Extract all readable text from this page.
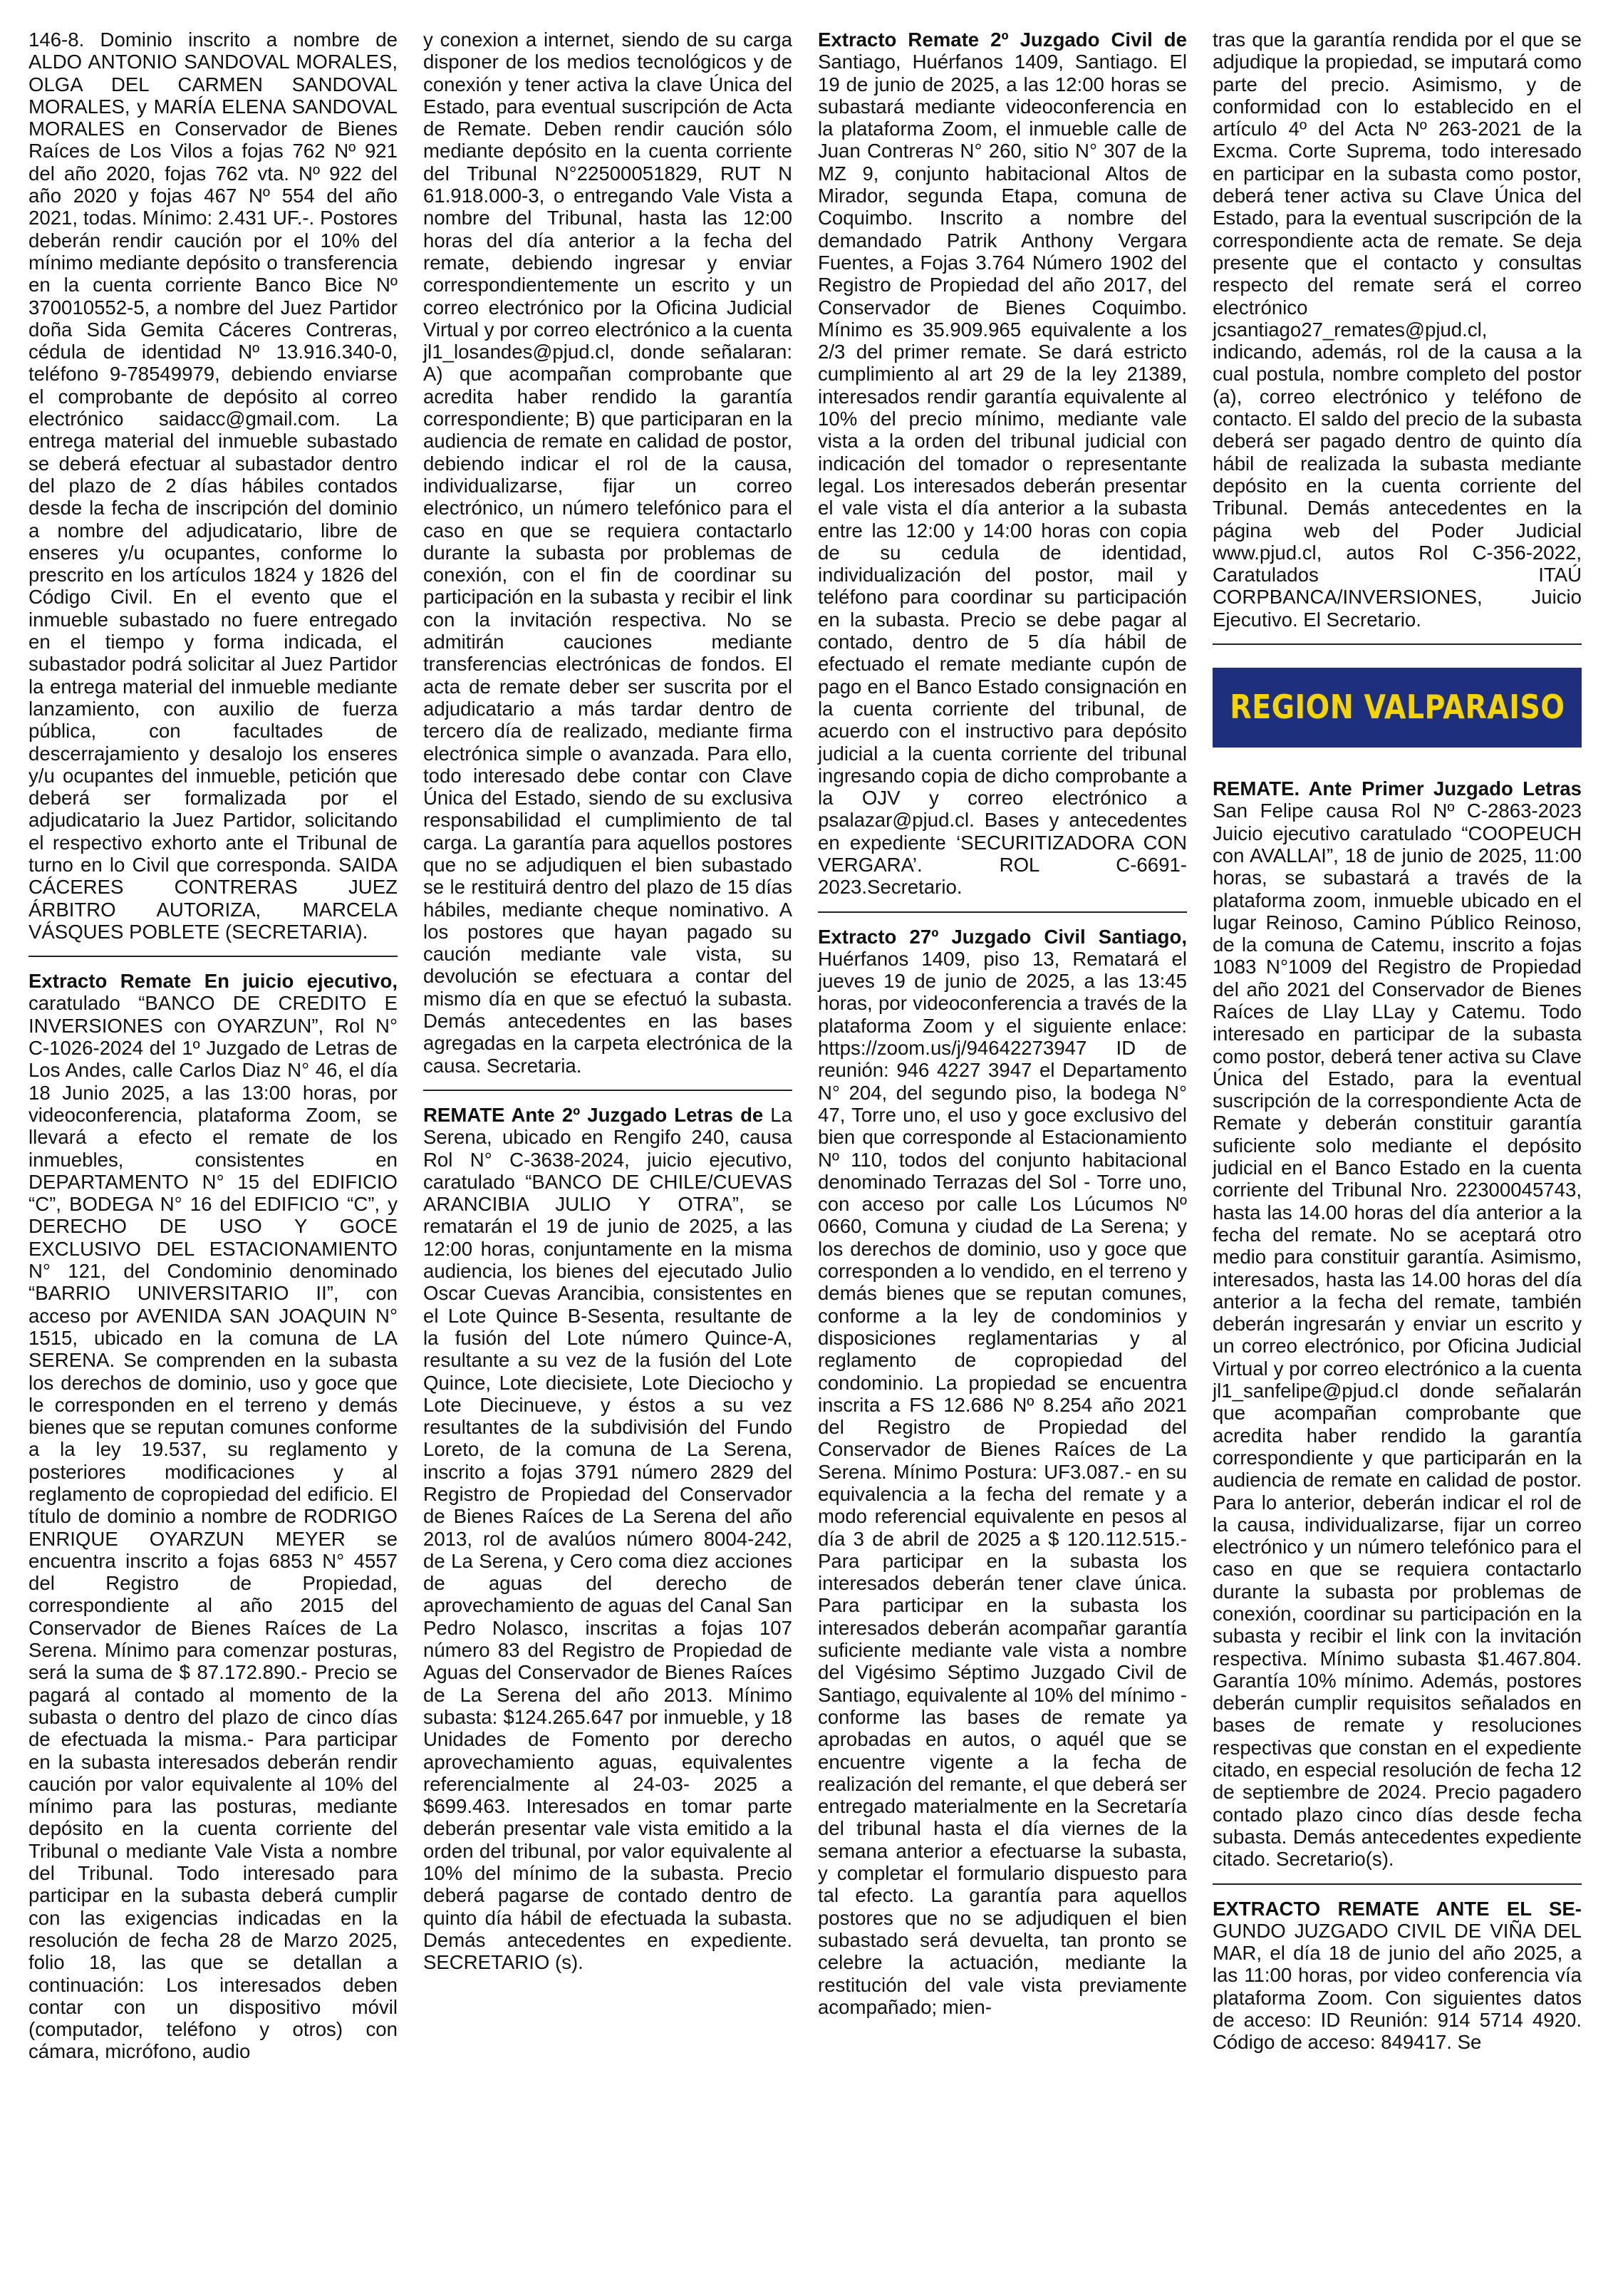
146-8. Dominio inscrito a nombre de ALDO ANTONIO SANDOVAL MORALES, OLGA DEL CARMEN SANDOVAL MORALES, y MARÍA ELENA SANDOVAL MORALES en Conservador de Bienes Raíces de Los Vilos a fojas 762 Nº 921 del año 2020, fojas 762 vta. Nº 922 del año 2020 y fojas 467 Nº 554 del año 2021, todas. Mínimo: 2.431 UF.-. Postores deberán rendir caución por el 10% del mínimo mediante depósito o transferencia en la cuenta corriente Banco Bice Nº 370010552-5, a nombre del Juez Partidor doña Sida Gemita Cáceres Contreras, cédula de identidad Nº 13.916.340-0, teléfono 9-78549979, debiendo enviarse el comprobante de depósito al correo electrónico saidacc@gmail.com. La entrega material del inmueble subastado se deberá efectuar al subastador dentro del plazo de 2 días hábiles contados desde la fecha de inscripción del dominio a nombre del adjudicatario, libre de enseres y/u ocupantes, conforme lo prescrito en los artículos 1824 y 1826 del Código Civil. En el evento que el inmueble subastado no fuere entregado en el tiempo y forma indicada, el subastador podrá solicitar al Juez Partidor la entrega material del inmueble mediante lanzamiento, con auxilio de fuerza pública, con facultades de descerrajamiento y desalojo los enseres y/u ocupantes del inmueble, petición que deberá ser formalizada por el adjudicatario la Juez Partidor, solicitando el respectivo exhorto ante el Tribunal de turno en lo Civil que corresponda. SAIDA CÁCERES CONTRERAS JUEZ ÁRBITRO AUTORIZA, MARCELA VÁSQUES POBLETE (SECRETARIA).

Extracto Remate En juicio ejecutivo, caratulado “BANCO DE CREDITO E INVERSIONES con OYARZUN”, Rol N° C-1026-2024 del 1º Juzgado de Letras de Los Andes, calle Carlos Diaz N° 46, el día 18 Junio 2025, a las 13:00 horas, por videoconferencia, plataforma Zoom, se llevará a efecto el remate de los inmuebles, consistentes en DEPARTAMENTO N° 15 del EDIFICIO “C”, BODEGA N° 16 del EDIFICIO “C”, y DERECHO DE USO Y GOCE EXCLUSIVO DEL ESTACIONAMIENTO N° 121, del Condominio denominado “BARRIO UNIVERSITARIO II”, con acceso por AVENIDA SAN JOAQUIN N° 1515, ubicado en la comuna de LA SERENA. Se comprenden en la subasta los derechos de dominio, uso y goce que le corresponden en el terreno y demás bienes que se reputan comunes conforme a la ley 19.537, su reglamento y posteriores modificaciones y al reglamento de copropiedad del edificio. El título de dominio a nombre de RODRIGO ENRIQUE OYARZUN MEYER se encuentra inscrito a fojas 6853 N° 4557 del Registro de Propiedad, correspondiente al año 2015 del Conservador de Bienes Raíces de La Serena. Mínimo para comenzar posturas, será la suma de $ 87.172.890.- Precio se pagará al contado al momento de la subasta o dentro del plazo de cinco días de efectuada la misma.- Para participar en la subasta interesados deberán rendir caución por valor equivalente al 10% del mínimo para las posturas, mediante depósito en la cuenta corriente del Tribunal o mediante Vale Vista a nombre del Tribunal. Todo interesado para participar en la subasta deberá cumplir con las exigencias indicadas en la resolución de fecha 28 de Marzo 2025, folio 18, las que se detallan a continuación: Los interesados deben contar con un dispositivo móvil (computador, teléfono y otros) con cámara, micrófono, audio

y conexion a internet, siendo de su carga disponer de los medios tecnológicos y de conexión y tener activa la clave Única del Estado, para eventual suscripción de Acta de Remate. Deben rendir caución sólo mediante depósito en la cuenta corriente del Tribunal N°22500051829, RUT N 61.918.000-3, o entregando Vale Vista a nombre del Tribunal, hasta las 12:00 horas del día anterior a la fecha del remate, debiendo ingresar y enviar correspondientemente un escrito y un correo electrónico por la Oficina Judicial Virtual y por correo electrónico a la cuenta jl1_losandes@pjud.cl, donde señalaran: A) que acompañan comprobante que acredita haber rendido la garantía correspondiente; B) que participaran en la audiencia de remate en calidad de postor, debiendo indicar el rol de la causa, individualizarse, fijar un correo electrónico, un número telefónico para el caso en que se requiera contactarlo durante la subasta por problemas de conexión, con el fin de coordinar su participación en la subasta y recibir el link con la invitación respectiva. No se admitirán cauciones mediante transferencias electrónicas de fondos. El acta de remate deber ser suscrita por el adjudicatario a más tardar dentro de tercero día de realizado, mediante firma electrónica simple o avanzada. Para ello, todo interesado debe contar con Clave Única del Estado, siendo de su exclusiva responsabilidad el cumplimiento de tal carga. La garantía para aquellos postores que no se adjudiquen el bien subastado se le restituirá dentro del plazo de 15 días hábiles, mediante cheque nominativo. A los postores que hayan pagado su caución mediante vale vista, su devolución se efectuara a contar del mismo día en que se efectuó la subasta. Demás antecedentes en las bases agregadas en la carpeta electrónica de la causa. Secretaria.

REMATE Ante 2º Juzgado Letras de La Serena, ubicado en Rengifo 240, causa Rol N° C-3638-2024, juicio ejecutivo, caratulado “BANCO DE CHILE/CUEVAS ARANCIBIA JULIO Y OTRA”, se rematarán el 19 de junio de 2025, a las 12:00 horas, conjuntamente en la misma audiencia, los bienes del ejecutado Julio Oscar Cuevas Arancibia, consistentes en el Lote Quince B-Sesenta, resultante de la fusión del Lote número Quince-A, resultante a su vez de la fusión del Lote Quince, Lote diecisiete, Lote Dieciocho y Lote Diecinueve, y éstos a su vez resultantes de la subdivisión del Fundo Loreto, de la comuna de La Serena, inscrito a fojas 3791 número 2829 del Registro de Propiedad del Conservador de Bienes Raíces de La Serena del año 2013, rol de avalúos número 8004-242, de La Serena, y Cero coma diez acciones de aguas del derecho de aprovechamiento de aguas del Canal San Pedro Nolasco, inscritas a fojas 107 número 83 del Registro de Propiedad de Aguas del Conservador de Bienes Raíces de La Serena del año 2013. Mínimo subasta: $124.265.647 por inmueble, y 18 Unidades de Fomento por derecho aprovechamiento aguas, equivalentes referencialmente al 24-03- 2025 a $699.463. Interesados en tomar parte deberán presentar vale vista emitido a la orden del tribunal, por valor equivalente al 10% del mínimo de la subasta. Precio deberá pagarse de contado dentro de quinto día hábil de efectuada la subasta. Demás antecedentes en expediente. SECRETARIO (s).

Extracto Remate 2º Juzgado Civil de Santiago, Huérfanos 1409, Santiago. El 19 de junio de 2025, a las 12:00 horas se subastará mediante videoconferencia en la plataforma Zoom, el inmueble calle de Juan Contreras N° 260, sitio N° 307 de la MZ 9, conjunto habitacional Altos de Mirador, segunda Etapa, comuna de Coquimbo. Inscrito a nombre del demandado Patrik Anthony Vergara Fuentes, a Fojas 3.764 Número 1902 del Registro de Propiedad del año 2017, del Conservador de Bienes Coquimbo. Mínimo es 35.909.965 equivalente a los 2/3 del primer remate. Se dará estricto cumplimiento al art 29 de la ley 21389, interesados rendir garantía equivalente al 10% del precio mínimo, mediante vale vista a la orden del tribunal judicial con indicación del tomador o representante legal. Los interesados deberán presentar el vale vista el día anterior a la subasta entre las 12:00 y 14:00 horas con copia de su cedula de identidad, individualización del postor, mail y teléfono para coordinar su participación en la subasta. Precio se debe pagar al contado, dentro de 5 día hábil de efectuado el remate mediante cupón de pago en el Banco Estado consignación en la cuenta corriente del tribunal, de acuerdo con el instructivo para depósito judicial a la cuenta corriente del tribunal ingresando copia de dicho comprobante a la OJV y correo electrónico a psalazar@pjud.cl. Bases y antecedentes en expediente ‘SECURITIZADORA CON VERGARA’. ROL C-6691-2023.Secretario.

Extracto 27º Juzgado Civil Santiago, Huérfanos 1409, piso 13, Rematará el jueves 19 de junio de 2025, a las 13:45 horas, por videoconferencia a través de la plataforma Zoom y el siguiente enlace: https://zoom.us/j/94642273947 ID de reunión: 946 4227 3947 el Departamento N° 204, del segundo piso, la bodega N° 47, Torre uno, el uso y goce exclusivo del bien que corresponde al Estacionamiento Nº 110, todos del conjunto habitacional denominado Terrazas del Sol - Torre uno, con acceso por calle Los Lúcumos Nº 0660, Comuna y ciudad de La Serena; y los derechos de dominio, uso y goce que corresponden a lo vendido, en el terreno y demás bienes que se reputan comunes, conforme a la ley de condominios y disposiciones reglamentarias y al reglamento de copropiedad del condominio. La propiedad se encuentra inscrita a FS 12.686 Nº 8.254 año 2021 del Registro de Propiedad del Conservador de Bienes Raíces de La Serena. Mínimo Postura: UF3.087.- en su equivalencia a la fecha del remate y a modo referencial equivalente en pesos al día 3 de abril de 2025 a $ 120.112.515.- Para participar en la subasta los interesados deberán tener clave única. Para participar en la subasta los interesados deberán acompañar garantía suficiente mediante vale vista a nombre del Vigésimo Séptimo Juzgado Civil de Santiago, equivalente al 10% del mínimo -conforme las bases de remate ya aprobadas en autos, o aquél que se encuentre vigente a la fecha de realización del remante, el que deberá ser entregado materialmente en la Secretaría del tribunal hasta el día viernes de la semana anterior a efectuarse la subasta, y completar el formulario dispuesto para tal efecto. La garantía para aquellos postores que no se adjudiquen el bien subastado será devuelta, tan pronto se celebre la actuación, mediante la restitución del vale vista previamente acompañado; mien-

tras que la garantía rendida por el que se adjudique la propiedad, se imputará como parte del precio. Asimismo, y de conformidad con lo establecido en el artículo 4º del Acta Nº 263-2021 de la Excma. Corte Suprema, todo interesado en participar en la subasta como postor, deberá tener activa su Clave Única del Estado, para la eventual suscripción de la correspondiente acta de remate. Se deja presente que el contacto y consultas respecto del remate será el correo electrónico jcsantiago27_remates@pjud.cl, indicando, además, rol de la causa a la cual postula, nombre completo del postor (a), correo electrónico y teléfono de contacto. El saldo del precio de la subasta deberá ser pagado dentro de quinto día hábil de realizada la subasta mediante depósito en la cuenta corriente del Tribunal. Demás antecedentes en la página web del Poder Judicial www.pjud.cl, autos Rol C-356-2022, Caratulados ITAÚ CORPBANCA/INVERSIONES, Juicio Ejecutivo. El Secretario.

REGION VALPARAISO

REMATE. Ante Primer Juzgado Letras San Felipe causa Rol Nº C-2863-2023 Juicio ejecutivo caratulado “COOPEUCH con AVALLAI”, 18 de junio de 2025, 11:00 horas, se subastará a través de la plataforma zoom, inmueble ubicado en el lugar Reinoso, Camino Público Reinoso, de la comuna de Catemu, inscrito a fojas 1083 N°1009 del Registro de Propiedad del año 2021 del Conservador de Bienes Raíces de Llay LLay y Catemu. Todo interesado en participar de la subasta como postor, deberá tener activa su Clave Única del Estado, para la eventual suscripción de la correspondiente Acta de Remate y deberán constituir garantía suficiente solo mediante el depósito judicial en el Banco Estado en la cuenta corriente del Tribunal Nro. 22300045743, hasta las 14.00 horas del día anterior a la fecha del remate. No se aceptará otro medio para constituir garantía. Asimismo, interesados, hasta las 14.00 horas del día anterior a la fecha del remate, también deberán ingresarán y enviar un escrito y un correo electrónico, por Oficina Judicial Virtual y por correo electrónico a la cuenta jl1_sanfelipe@pjud.cl donde señalarán que acompañan comprobante que acredita haber rendido la garantía correspondiente y que participarán en la audiencia de remate en calidad de postor. Para lo anterior, deberán indicar el rol de la causa, individualizarse, fijar un correo electrónico y un número telefónico para el caso en que se requiera contactarlo durante la subasta por problemas de conexión, coordinar su participación en la subasta y recibir el link con la invitación respectiva. Mínimo subasta $1.467.804. Garantía 10% mínimo. Además, postores deberán cumplir requisitos señalados en bases de remate y resoluciones respectivas que constan en el expediente citado, en especial resolución de fecha 12 de septiembre de 2024. Precio pagadero contado plazo cinco días desde fecha subasta. Demás antecedentes expediente citado. Secretario(s).

EXTRACTO REMATE ANTE EL SE- GUNDO JUZGADO CIVIL DE VIÑA DEL MAR, el día 18 de junio del año 2025, a las 11:00 horas, por video conferencia vía plataforma Zoom. Con siguientes datos de acceso: ID Reunión: 914 5714 4920. Código de acceso: 849417. Se
